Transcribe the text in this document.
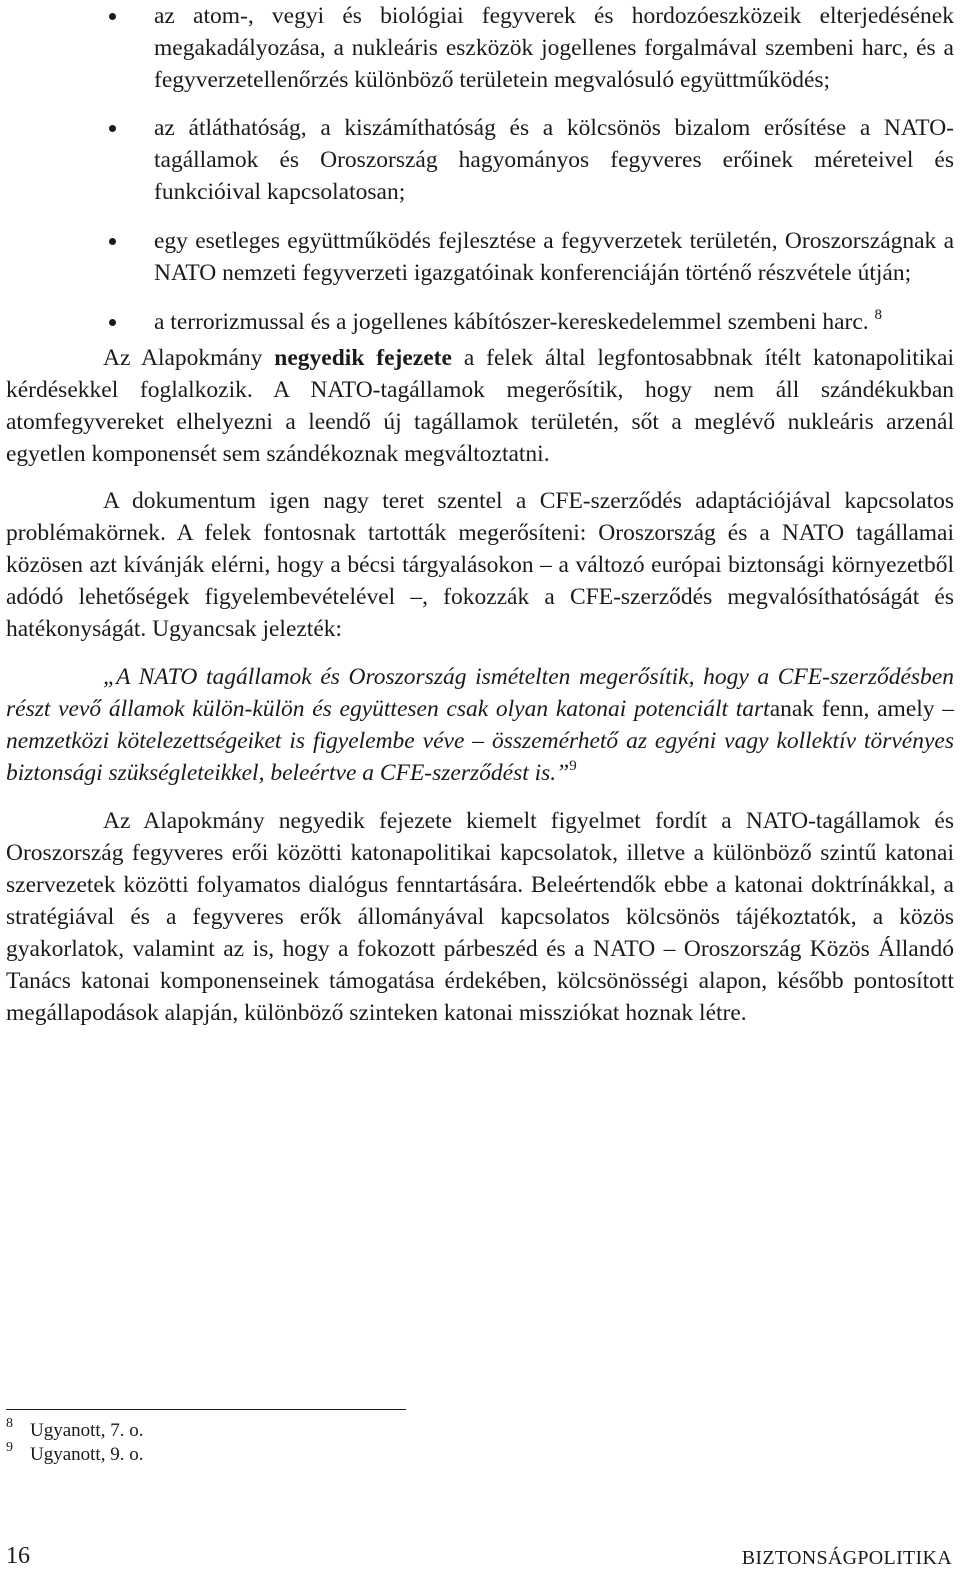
az atom-, vegyi és biológiai fegyverek és hordozóeszközeik elterjedésének megakadályozása, a nukleáris eszközök jogellenes forgalmával szembeni harc, és a fegyverzetellenőrzés különböző területein megvalósuló együttműködés;
az átláthatóság, a kiszámíthatóság és a kölcsönös bizalom erősítése a NATO-tagállamok és Oroszország hagyományos fegyveres erőinek méreteivel és funkcióival kapcsolatosan;
egy esetleges együttműködés fejlesztése a fegyverzetek területén, Oroszországnak a NATO nemzeti fegyverzeti igazgatóinak konferenciáján történő részvétele útján;
a terrorizmussal és a jogellenes kábítószer-kereskedelemmel szembeni harc. $^8$

Az Alapokmány negyedik fejezete a felek által legfontosabbnak ítélt katonapolitikai kérdésekkel foglalkozik. A NATO-tagállamok megerősítik, hogy nem áll szándékukban atomfegyvereket elhelyezni a leendő új tagállamok területén, sőt a meglévő nukleáris arzenál egyetlen komponensét sem szándékoznak megváltoztatni.

A dokumentum igen nagy teret szentel a CFE-szerződés adaptációjával kapcsolatos problémakörnek. A felek fontosnak tartották megerősíteni: Oroszország és a NATO tagállamai közösen azt kívánják elérni, hogy a bécsi tárgyalásokon – a változó európai biztonsági környezetből adódó lehetőségek figyelembevételével –, fokozzák a CFE-szerződés megvalósíthatóságát és hatékonyságát. Ugyancsak jelezték:

„A NATO tagállamok és Oroszország ismételten megerősítik, hogy a CFE-szerződésben részt vevő államok külön-külön és együttesen csak olyan katonai potenciált tartanak fenn, amely – nemzetközi kötelezettségeiket is figyelembe véve – összemérhető az egyéni vagy kollektív törvényes biztonsági szükségleteikkel, beleértve a CFE-szerződést is.”$^9$

Az Alapokmány negyedik fejezete kiemelt figyelmet fordít a NATO-tagállamok és Oroszország fegyveres erői közötti katonapolitikai kapcsolatok, illetve a különböző szintű katonai szervezetek közötti folyamatos dialógus fenntartására. Beleértendők ebbe a katonai doktrínákkal, a stratégiával és a fegyveres erők állományával kapcsolatos kölcsönös tájékoztatók, a közös gyakorlatok, valamint az is, hogy a fokozott párbeszéd és a NATO – Oroszország Közös Állandó Tanács katonai komponenseinek támogatása érdekében, kölcsönösségi alapon, később pontosított megállapodások alapján, különböző szinteken katonai missziókat hoznak létre.

8 Ugyanott, 7. o.
9 Ugyanott, 9. o.
16	BIZTONSÁGPOLITIKA
